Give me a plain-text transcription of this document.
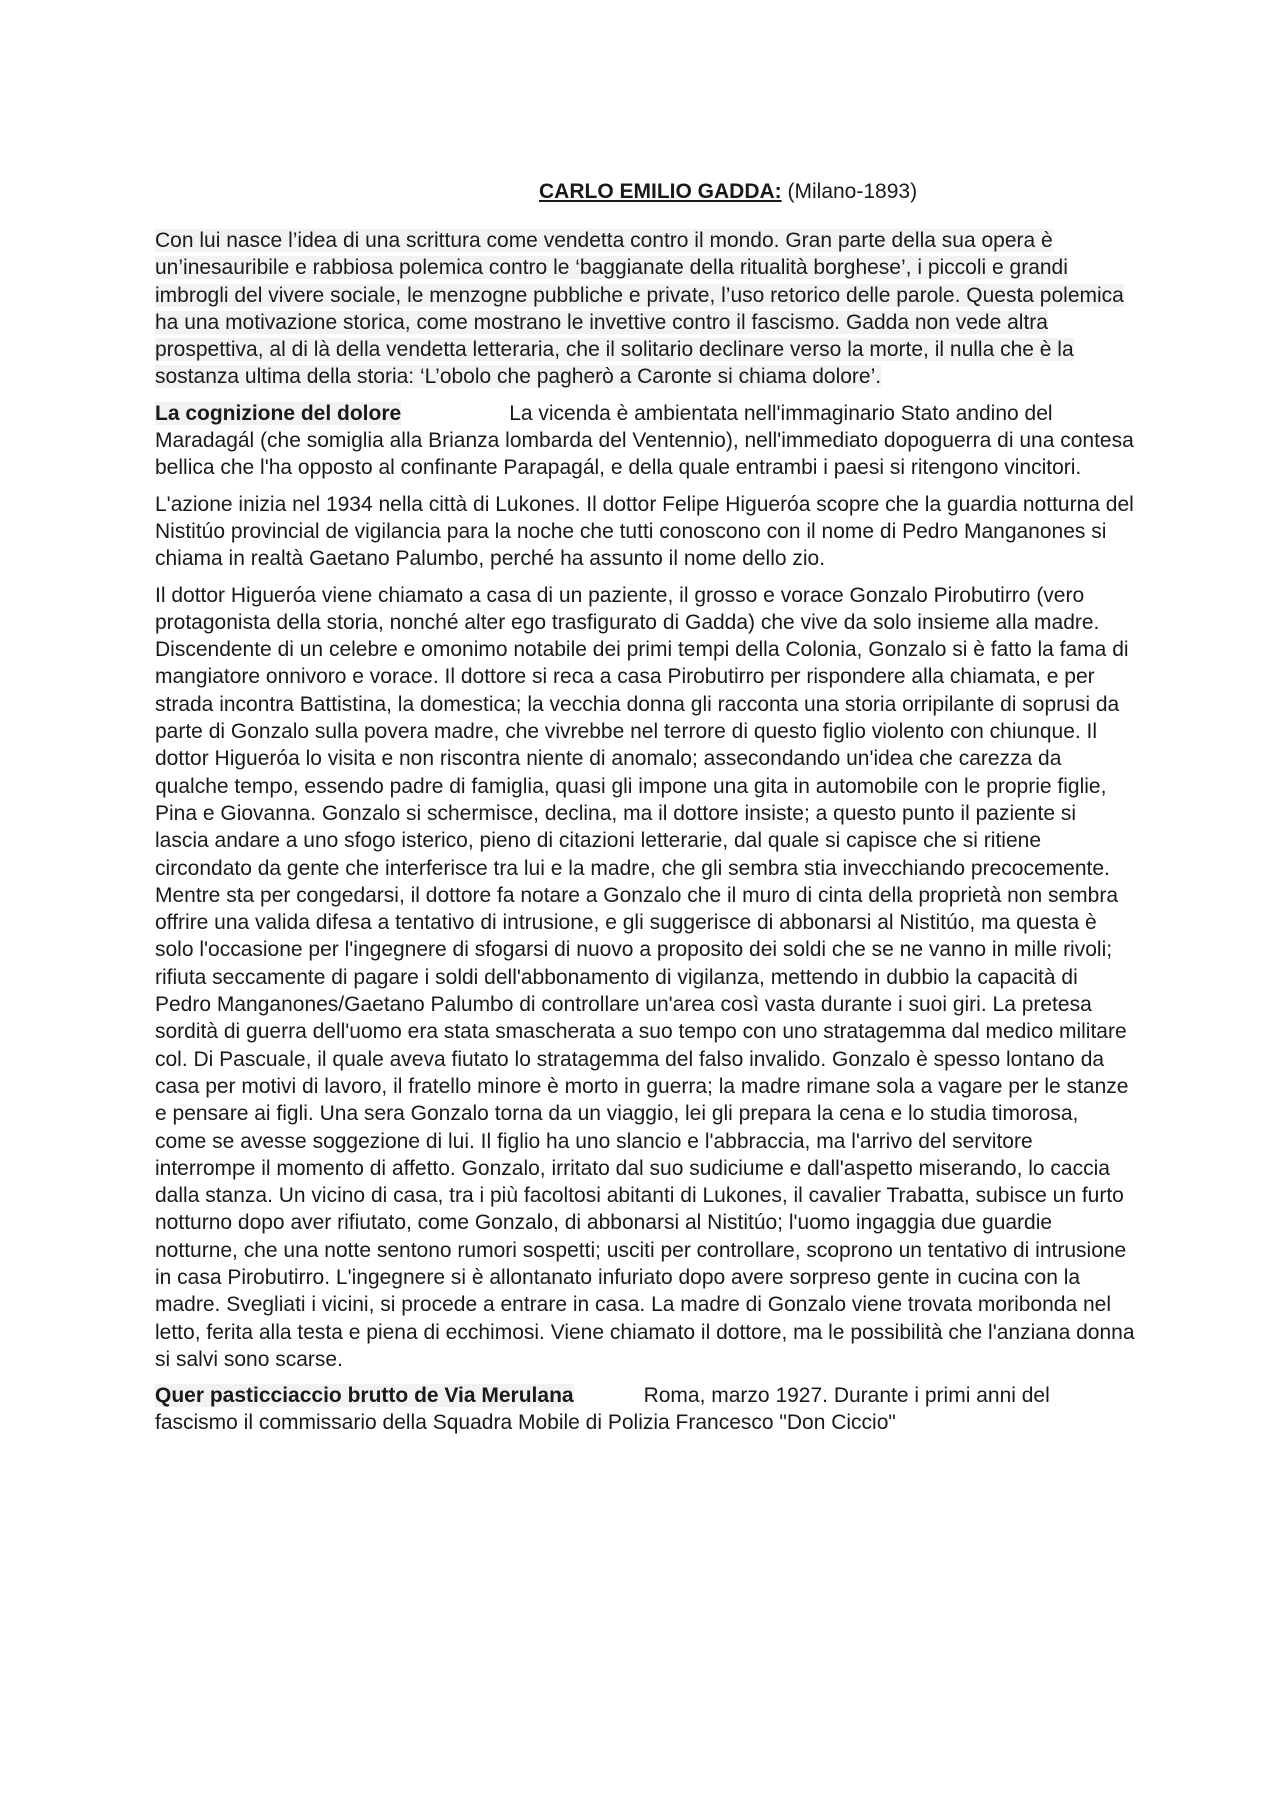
CARLO EMILIO GADDA: (Milano-1893)

Con lui nasce l’idea di una scrittura come vendetta contro il mondo. Gran parte della sua opera è un’inesauribile e rabbiosa polemica contro le ‘baggianate della ritualità borghese’, i piccoli e grandi imbrogli del vivere sociale, le menzogne pubbliche e private, l’uso retorico delle parole. Questa polemica ha una motivazione storica, come mostrano le invettive contro il fascismo. Gadda non vede altra prospettiva, al di là della vendetta letteraria, che il solitario declinare verso la morte, il nulla che è la sostanza ultima della storia: ‘L’obolo che pagherò a Caronte si chiama dolore’.

La cognizione del dolore	La vicenda è ambientata nell'immaginario Stato andino del Maradagál (che somiglia alla Brianza lombarda del Ventennio), nell'immediato dopoguerra di una contesa bellica che l'ha opposto al confinante Parapagál, e della quale entrambi i paesi si ritengono vincitori.

L'azione inizia nel 1934 nella città di Lukones. Il dottor Felipe Higueróa scopre che la guardia notturna del Nistitúo provincial de vigilancia para la noche che tutti conoscono con il nome di Pedro Manganones si chiama in realtà Gaetano Palumbo, perché ha assunto il nome dello zio.

Il dottor Higueróa viene chiamato a casa di un paziente, il grosso e vorace Gonzalo Pirobutirro (vero protagonista della storia, nonché alter ego trasfigurato di Gadda) che vive da solo insieme alla madre. Discendente di un celebre e omonimo notabile dei primi tempi della Colonia, Gonzalo si è fatto la fama di mangiatore onnivoro e vorace. Il dottore si reca a casa Pirobutirro per rispondere alla chiamata, e per strada incontra Battistina, la domestica; la vecchia donna gli racconta una storia orripilante di soprusi da parte di Gonzalo sulla povera madre, che vivrebbe nel terrore di questo figlio violento con chiunque. Il dottor Higueróa lo visita e non riscontra niente di anomalo; assecondando un'idea che carezza da qualche tempo, essendo padre di famiglia, quasi gli impone una gita in automobile con le proprie figlie, Pina e Giovanna. Gonzalo si schermisce, declina, ma il dottore insiste; a questo punto il paziente si lascia andare a uno sfogo isterico, pieno di citazioni letterarie, dal quale si capisce che si ritiene circondato da gente che interferisce tra lui e la madre, che gli sembra stia invecchiando precocemente. Mentre sta per congedarsi, il dottore fa notare a Gonzalo che il muro di cinta della proprietà non sembra offrire una valida difesa a tentativo di intrusione, e gli suggerisce di abbonarsi al Nistitúo, ma questa è solo l'occasione per l'ingegnere di sfogarsi di nuovo a proposito dei soldi che se ne vanno in mille rivoli; rifiuta seccamente di pagare i soldi dell'abbonamento di vigilanza, mettendo in dubbio la capacità di Pedro Manganones/Gaetano Palumbo di controllare un'area così vasta durante i suoi giri. La pretesa sordità di guerra dell'uomo era stata smascherata a suo tempo con uno stratagemma dal medico militare col. Di Pascuale, il quale aveva fiutato lo stratagemma del falso invalido. Gonzalo è spesso lontano da casa per motivi di lavoro, il fratello minore è morto in guerra; la madre rimane sola a vagare per le stanze e pensare ai figli. Una sera Gonzalo torna da un viaggio, lei gli prepara la cena e lo studia timorosa, come se avesse soggezione di lui. Il figlio ha uno slancio e l'abbraccia, ma l'arrivo del servitore interrompe il momento di affetto. Gonzalo, irritato dal suo sudiciume e dall'aspetto miserando, lo caccia dalla stanza. Un vicino di casa, tra i più facoltosi abitanti di Lukones, il cavalier Trabatta, subisce un furto notturno dopo aver rifiutato, come Gonzalo, di abbonarsi al Nistitúo; l'uomo ingaggia due guardie notturne, che una notte sentono rumori sospetti; usciti per controllare, scoprono un tentativo di intrusione in casa Pirobutirro. L'ingegnere si è allontanato infuriato dopo avere sorpreso gente in cucina con la madre. Svegliati i vicini, si procede a entrare in casa. La madre di Gonzalo viene trovata moribonda nel letto, ferita alla testa e piena di ecchimosi. Viene chiamato il dottore, ma le possibilità che l'anziana donna si salvi sono scarse.

Quer pasticciaccio brutto de Via Merulana	Roma, marzo 1927. Durante i primi anni del fascismo il commissario della Squadra Mobile di Polizia Francesco "Don Ciccio"
